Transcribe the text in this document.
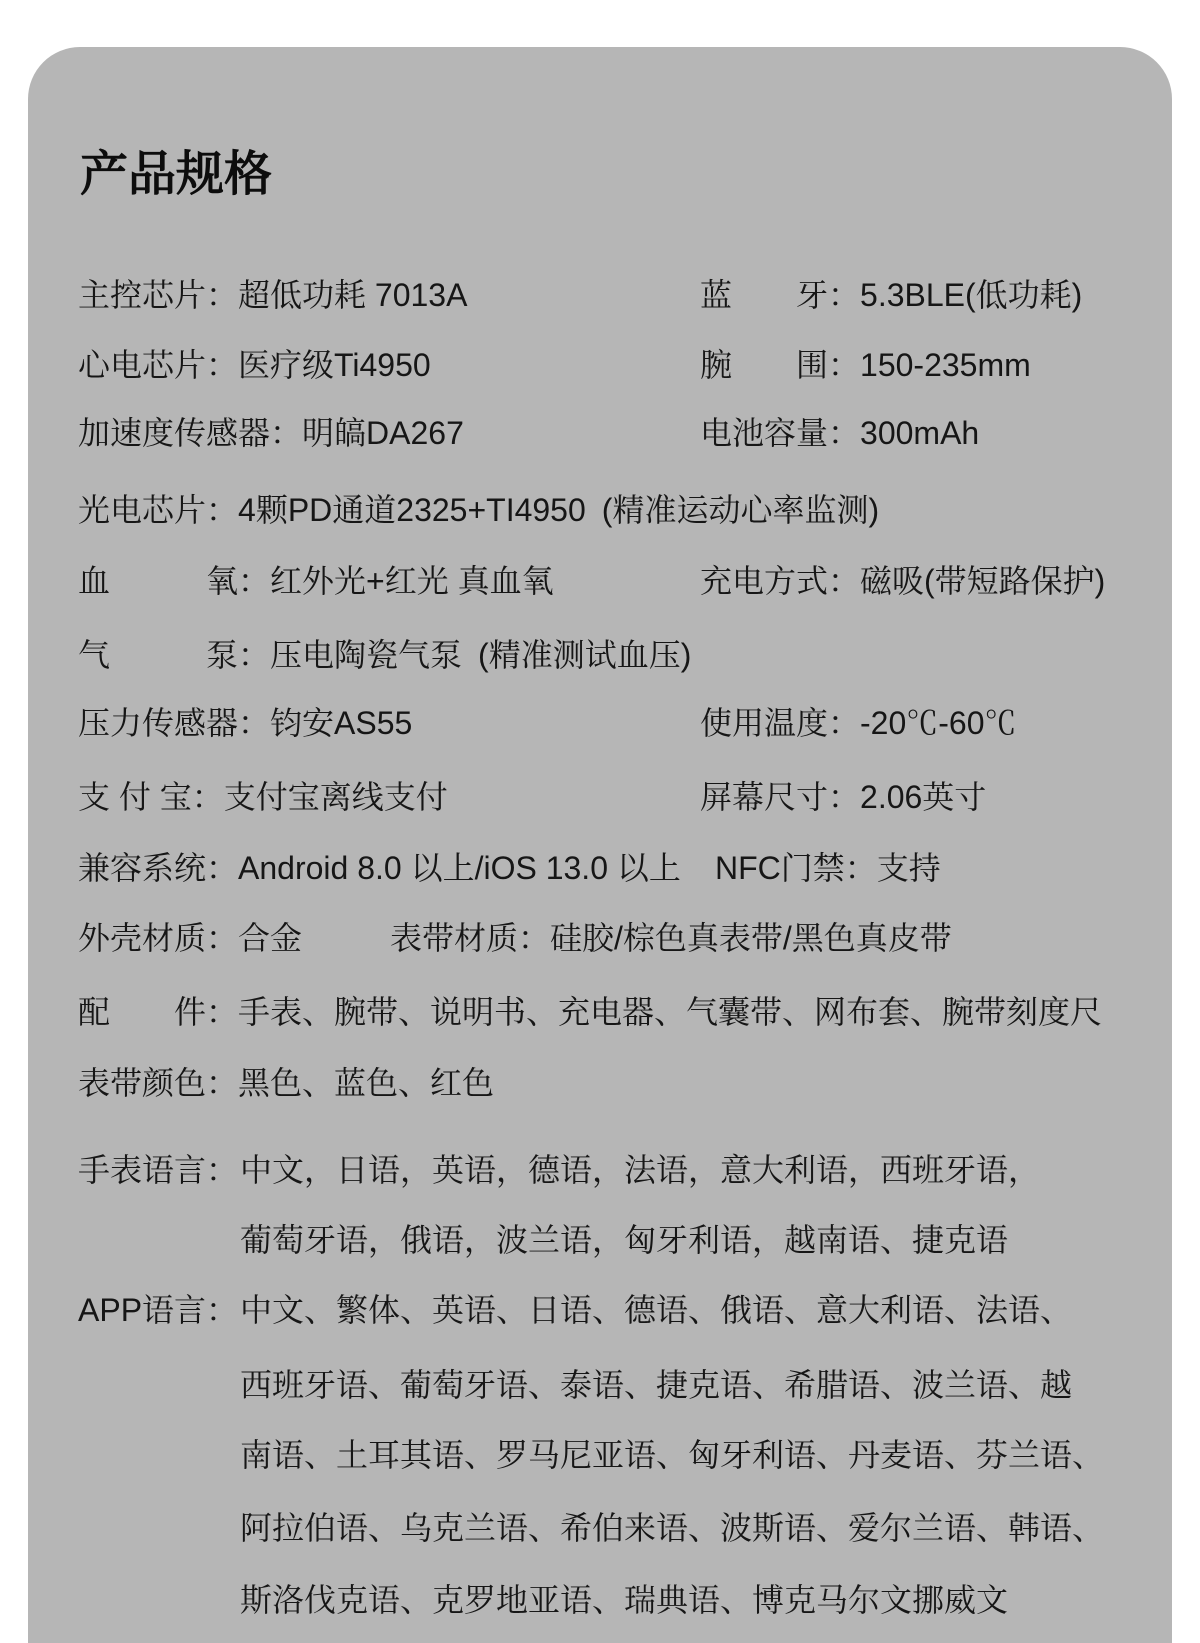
产品规格
主控芯片：超低功耗 7013A	蓝　　牙：5.3BLE(低功耗)
心电芯片：医疗级Ti4950	腕　　围：150-235mm
加速度传感器：明皜DA267	电池容量：300mAh
光电芯片：4颗PD通道2325+TI4950 (精准运动心率监测)
血　　　氧：红外光+红光 真血氧	充电方式：磁吸(带短路保护)
气　　　泵：压电陶瓷气泵 (精准测试血压)
压力传感器：钧安AS55	使用温度：-20℃-60℃
支 付 宝：支付宝离线支付	屏幕尺寸：2.06英寸
兼容系统：Android 8.0 以上/iOS 13.0 以上 NFC门禁：支持
外壳材质：合金	表带材质：硅胶/棕色真表带/黑色真皮带
配　　件：手表、腕带、说明书、充电器、气囊带、网布套、腕带刻度尺
表带颜色：黑色、蓝色、红色
手表语言： 中文，日语，英语，德语，法语，意大利语，西班牙语，
葡萄牙语，俄语，波兰语，匈牙利语，越南语、捷克语
APP语言： 中文、繁体、英语、日语、德语、俄语、意大利语、法语、
西班牙语、葡萄牙语、泰语、捷克语、希腊语、波兰语、越
南语、土耳其语、罗马尼亚语、匈牙利语、丹麦语、芬兰语、
阿拉伯语、乌克兰语、希伯来语、波斯语、爱尔兰语、韩语、
斯洛伐克语、克罗地亚语、瑞典语、博克马尔文挪威文
